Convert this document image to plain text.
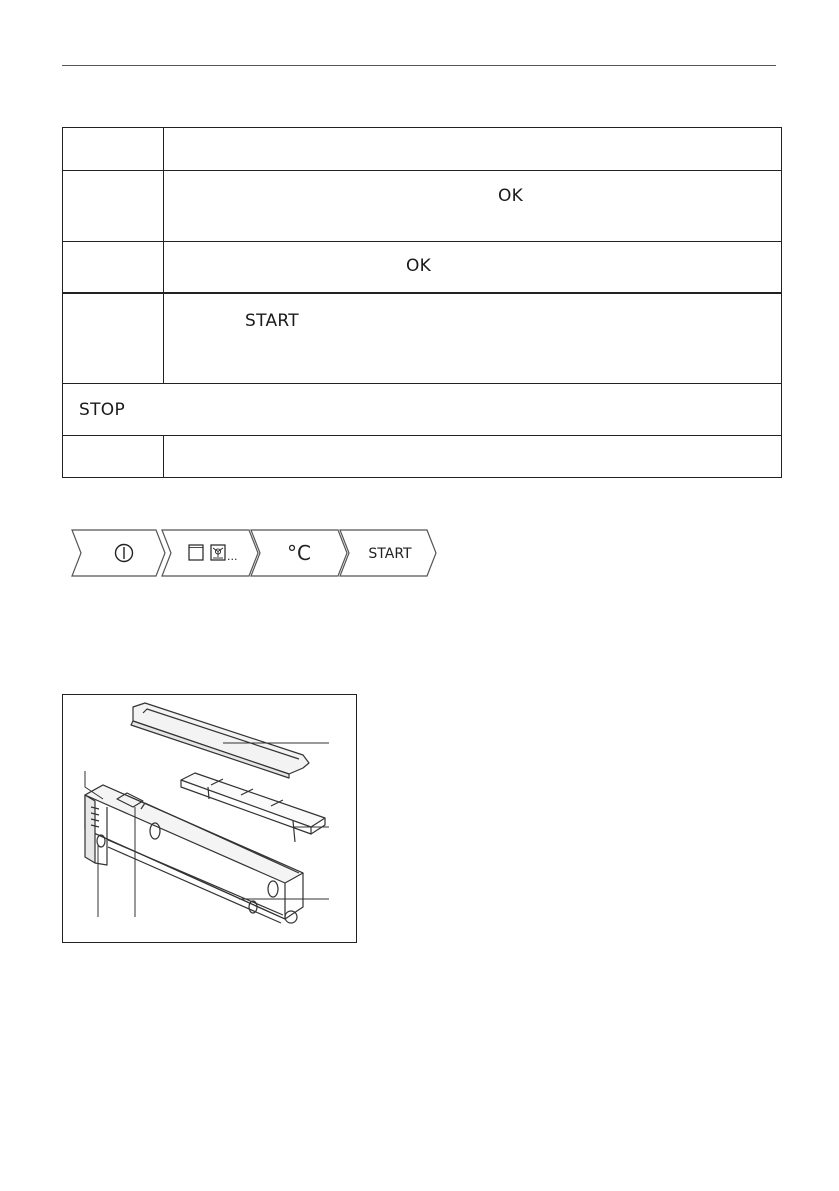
	OK

	OK

	START

STOP	

... °C	START
